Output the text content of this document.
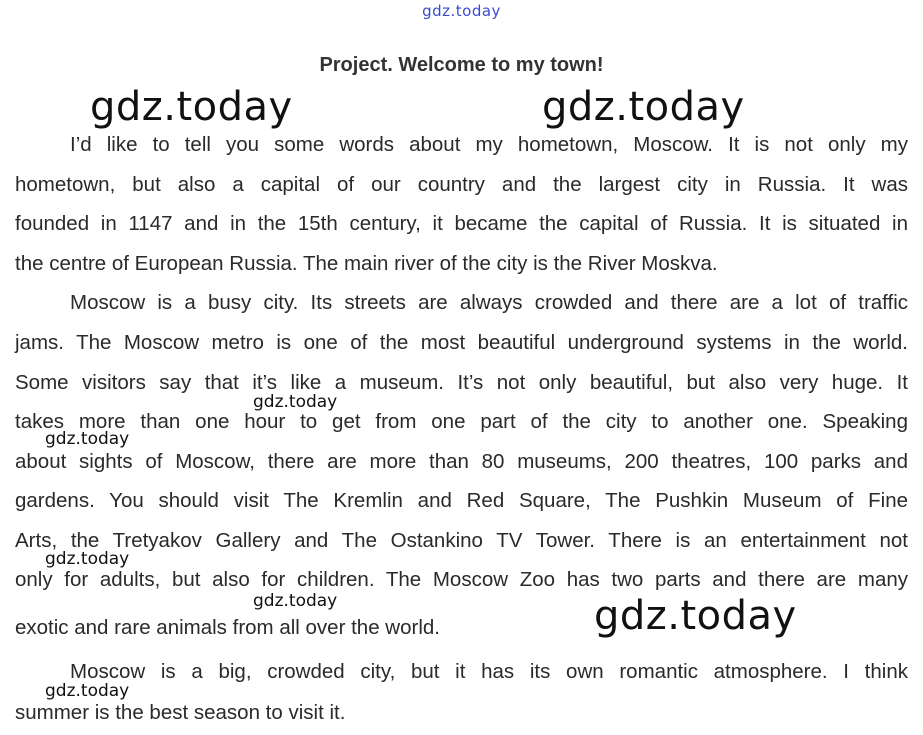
gdz.today
Project. Welcome to my town!
I’d like to tell you some words about my hometown, Moscow. It is not only my
hometown, but also a capital of our country and the largest city in Russia. It was
founded in 1147 and in the 15th century, it became the capital of Russia. It is situated in
the centre of European Russia. The main river of the city is the River Moskva.
Moscow is a busy city. Its streets are always crowded and there are a lot of traffic
jams. The Moscow metro is one of the most beautiful underground systems in the world.
Some visitors say that it’s like a museum. It’s not only beautiful, but also very huge. It
takes more than one hour to get from one part of the city to another one. Speaking
about sights of Moscow, there are more than 80 museums, 200 theatres, 100 parks and
gardens. You should visit The Kremlin and Red Square, The Pushkin Museum of Fine
Arts, the Tretyakov Gallery and The Ostankino TV Tower. There is an entertainment not
only for adults, but also for children. The Moscow Zoo has two parts and there are many
exotic and rare animals from all over the world.
Moscow is a big, crowded city, but it has its own romantic atmosphere. I think
summer is the best season to visit it.
gdz.today	gdz.today
gdz.today
gdz.today
gdz.today
gdz.today
gdz.today
gdz.today
